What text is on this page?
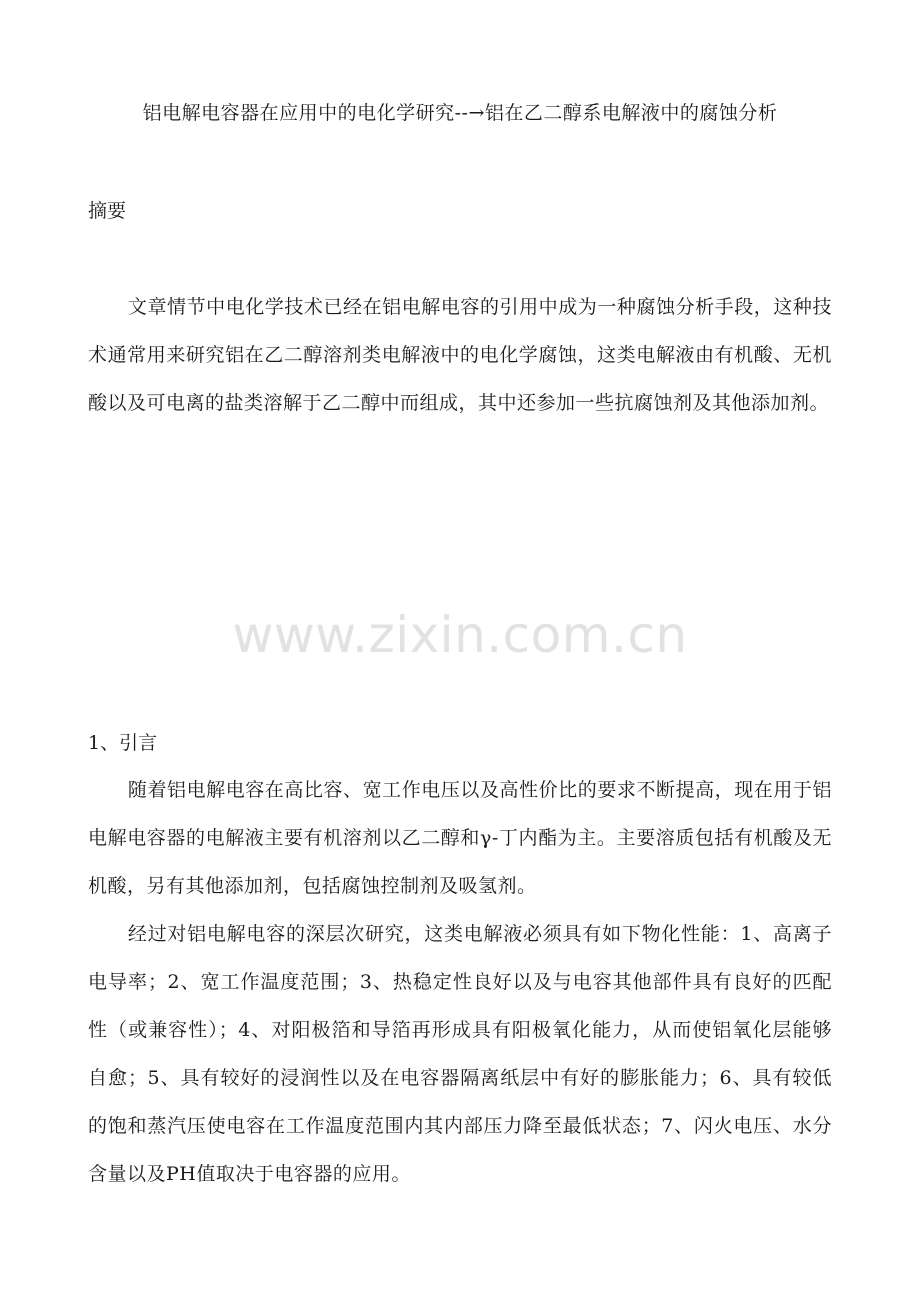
铝电解电容器在应用中的电化学研究--→铝在乙二醇系电解液中的腐蚀分析
摘要
文章情节中电化学技术已经在铝电解电容的引用中成为一种腐蚀分析手段，这种技术通常用来研究铝在乙二醇溶剂类电解液中的电化学腐蚀，这类电解液由有机酸、无机酸以及可电离的盐类溶解于乙二醇中而组成，其中还参加一些抗腐蚀剂及其他添加剂。
www.zixin.com.cn
1、引言
随着铝电解电容在高比容、宽工作电压以及高性价比的要求不断提高，现在用于铝电解电容器的电解液主要有机溶剂以乙二醇和γ-丁内酯为主。主要溶质包括有机酸及无机酸，另有其他添加剂，包括腐蚀控制剂及吸氢剂。
经过对铝电解电容的深层次研究，这类电解液必须具有如下物化性能：1、高离子电导率；2、宽工作温度范围；3、热稳定性良好以及与电容其他部件具有良好的匹配性（或兼容性）；4、对阳极箔和导箔再形成具有阳极氧化能力，从而使铝氧化层能够自愈；5、具有较好的浸润性以及在电容器隔离纸层中有好的膨胀能力；6、具有较低的饱和蒸汽压使电容在工作温度范围内其内部压力降至最低状态；7、闪火电压、水分含量以及PH值取决于电容器的应用。
